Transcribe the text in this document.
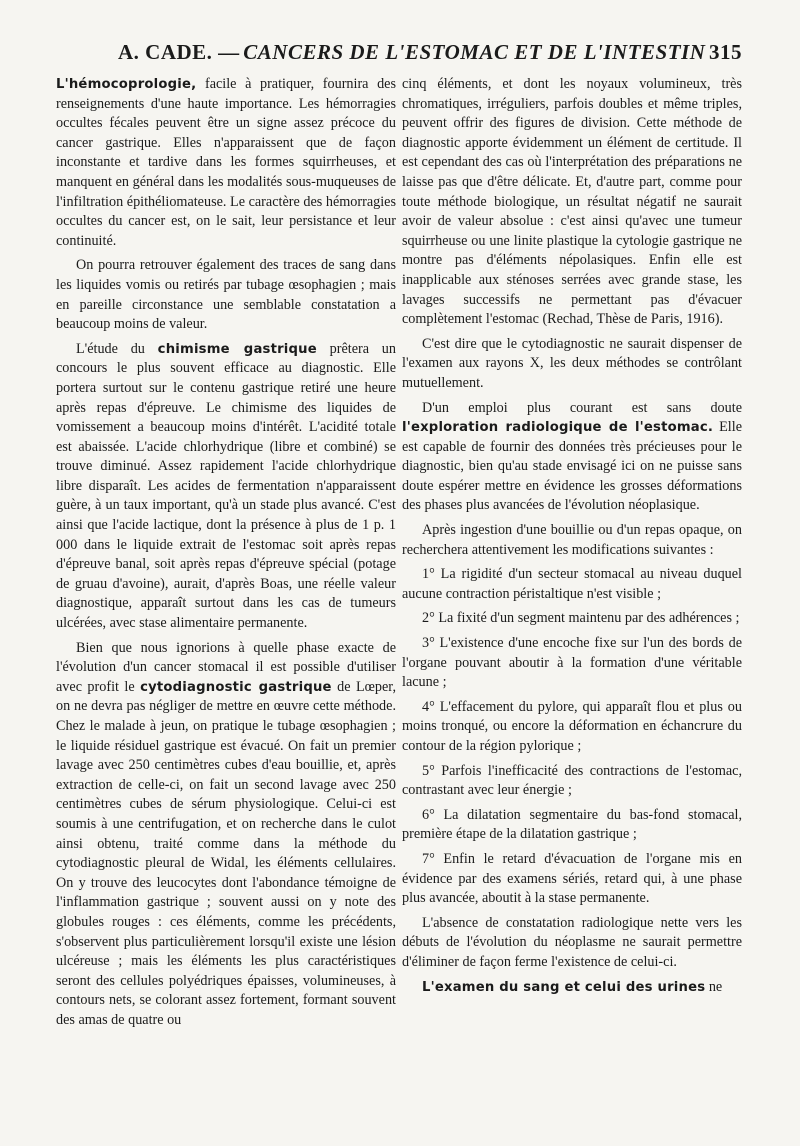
A. CADE. — CANCERS DE L'ESTOMAC ET DE L'INTESTIN 315

L'hémocoprologie, facile à pratiquer, fournira des renseignements d'une haute importance. Les hémorragies occultes fécales peuvent être un signe assez précoce du cancer gastrique. Elles n'apparaissent que de façon inconstante et tardive dans les formes squirrheuses, et manquent en général dans les modalités sous-muqueuses de l'infiltration épithéliomateuse. Le caractère des hémorragies occultes du cancer est, on le sait, leur persistance et leur continuité.

On pourra retrouver également des traces de sang dans les liquides vomis ou retirés par tubage œsophagien ; mais en pareille circonstance une semblable constatation a beaucoup moins de valeur.

L'étude du chimisme gastrique prêtera un concours le plus souvent efficace au diagnostic. Elle portera surtout sur le contenu gastrique retiré une heure après repas d'épreuve. Le chimisme des liquides de vomissement a beaucoup moins d'intérêt. L'acidité totale est abaissée. L'acide chlorhydrique (libre et combiné) se trouve diminué. Assez rapidement l'acide chlorhydrique libre disparaît. Les acides de fermentation n'apparaissent guère, à un taux important, qu'à un stade plus avancé. C'est ainsi que l'acide lactique, dont la présence à plus de 1 p. 1 000 dans le liquide extrait de l'estomac soit après repas d'épreuve banal, soit après repas d'épreuve spécial (potage de gruau d'avoine), aurait, d'après Boas, une réelle valeur diagnostique, apparaît surtout dans les cas de tumeurs ulcérées, avec stase alimentaire permanente.

Bien que nous ignorions à quelle phase exacte de l'évolution d'un cancer stomacal il est possible d'utiliser avec profit le cytodiagnostic gastrique de Lœper, on ne devra pas négliger de mettre en œuvre cette méthode. Chez le malade à jeun, on pratique le tubage œsophagien ; le liquide résiduel gastrique est évacué. On fait un premier lavage avec 250 centimètres cubes d'eau bouillie, et, après extraction de celle-ci, on fait un second lavage avec 250 centimètres cubes de sérum physiologique. Celui-ci est soumis à une centrifugation, et on recherche dans le culot ainsi obtenu, traité comme dans la méthode du cytodiagnostic pleural de Widal, les éléments cellulaires. On y trouve des leucocytes dont l'abondance témoigne de l'inflammation gastrique ; souvent aussi on y note des globules rouges : ces éléments, comme les précédents, s'observent plus particulièrement lorsqu'il existe une lésion ulcéreuse ; mais les éléments les plus caractéristiques seront des cellules polyédriques épaisses, volumineuses, à contours nets, se colorant assez fortement, formant souvent des amas de quatre ou

cinq éléments, et dont les noyaux volumineux, très chromatiques, irréguliers, parfois doubles et même triples, peuvent offrir des figures de division. Cette méthode de diagnostic apporte évidemment un élément de certitude. Il est cependant des cas où l'interprétation des préparations ne laisse pas que d'être délicate. Et, d'autre part, comme pour toute méthode biologique, un résultat négatif ne saurait avoir de valeur absolue : c'est ainsi qu'avec une tumeur squirrheuse ou une linite plastique la cytologie gastrique ne montre pas d'éléments népolasiques. Enfin elle est inapplicable aux sténoses serrées avec grande stase, les lavages successifs ne permettant pas d'évacuer complètement l'estomac (Rechad, Thèse de Paris, 1916).

C'est dire que le cytodiagnostic ne saurait dispenser de l'examen aux rayons X, les deux méthodes se contrôlant mutuellement.

D'un emploi plus courant est sans doute l'exploration radiologique de l'estomac. Elle est capable de fournir des données très précieuses pour le diagnostic, bien qu'au stade envisagé ici on ne puisse sans doute espérer mettre en évidence les grosses déformations des phases plus avancées de l'évolution néoplasique.

Après ingestion d'une bouillie ou d'un repas opaque, on recherchera attentivement les modifications suivantes :

1° La rigidité d'un secteur stomacal au niveau duquel aucune contraction péristaltique n'est visible ;

2° La fixité d'un segment maintenu par des adhérences ;

3° L'existence d'une encoche fixe sur l'un des bords de l'organe pouvant aboutir à la formation d'une véritable lacune ;

4° L'effacement du pylore, qui apparaît flou et plus ou moins tronqué, ou encore la déformation en échancrure du contour de la région pylorique ;

5° Parfois l'inefficacité des contractions de l'estomac, contrastant avec leur énergie ;

6° La dilatation segmentaire du bas-fond stomacal, première étape de la dilatation gastrique ;

7° Enfin le retard d'évacuation de l'organe mis en évidence par des examens sériés, retard qui, à une phase plus avancée, aboutit à la stase permanente.

L'absence de constatation radiologique nette vers les débuts de l'évolution du néoplasme ne saurait permettre d'éliminer de façon ferme l'existence de celui-ci.

L'examen du sang et celui des urines ne
